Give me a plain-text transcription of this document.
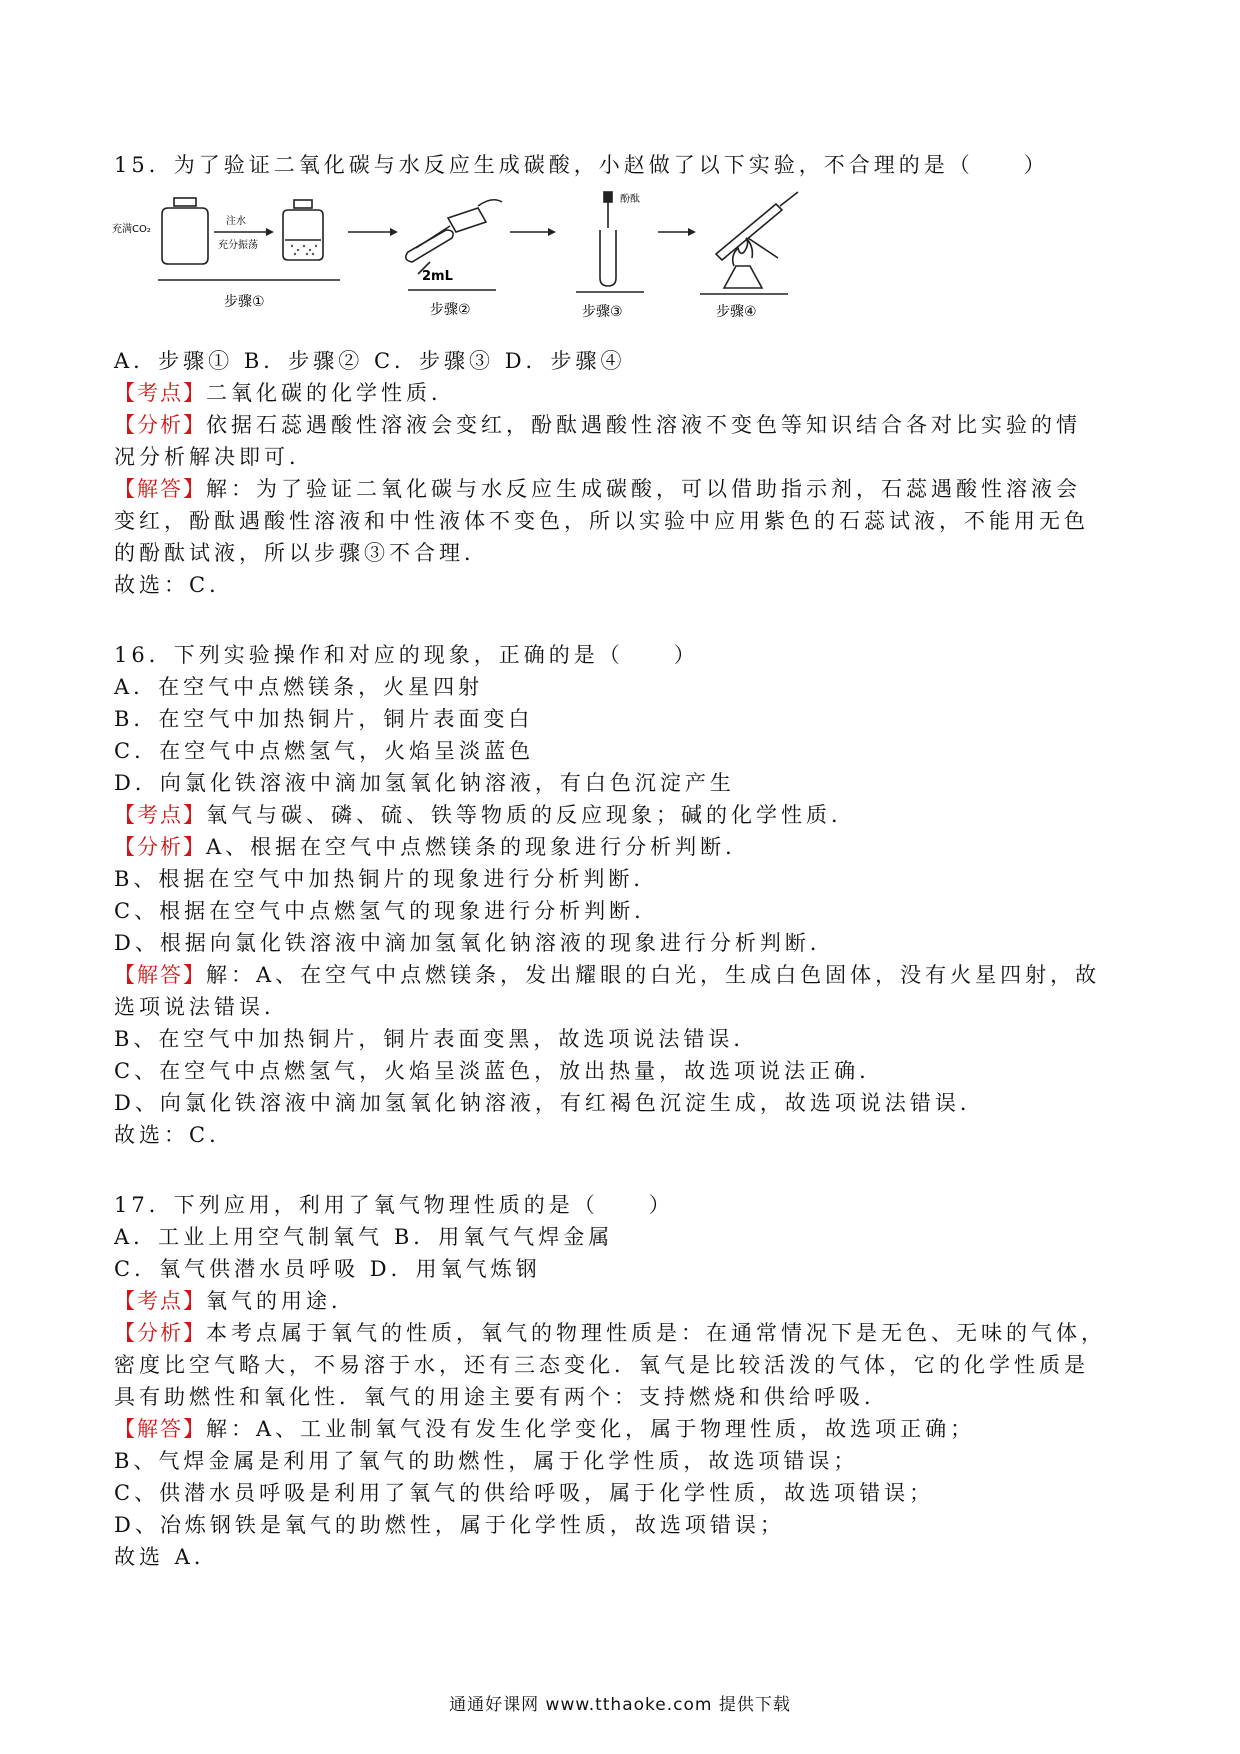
15．为了验证二氧化碳与水反应生成碳酸，小赵做了以下实验，不合理的是（　　）
充满CO₂
注水
充分振荡
步骤①
2mL
步骤②
酚酞
步骤③	步骤④
A．步骤① B．步骤② C．步骤③ D．步骤④
【考点】二氧化碳的化学性质．
【分析】依据石蕊遇酸性溶液会变红，酚酞遇酸性溶液不变色等知识结合各对比实验的情
况分析解决即可．
【解答】解：为了验证二氧化碳与水反应生成碳酸，可以借助指示剂，石蕊遇酸性溶液会
变红，酚酞遇酸性溶液和中性液体不变色，所以实验中应用紫色的石蕊试液，不能用无色
的酚酞试液，所以步骤③不合理．
故选：C．
16．下列实验操作和对应的现象，正确的是（　　）
A．在空气中点燃镁条，火星四射
B．在空气中加热铜片，铜片表面变白
C．在空气中点燃氢气，火焰呈淡蓝色
D．向氯化铁溶液中滴加氢氧化钠溶液，有白色沉淀产生
【考点】氧气与碳、磷、硫、铁等物质的反应现象；碱的化学性质．
【分析】A、根据在空气中点燃镁条的现象进行分析判断．
B、根据在空气中加热铜片的现象进行分析判断．
C、根据在空气中点燃氢气的现象进行分析判断．
D、根据向氯化铁溶液中滴加氢氧化钠溶液的现象进行分析判断．
【解答】解：A、在空气中点燃镁条，发出耀眼的白光，生成白色固体，没有火星四射，故
选项说法错误．
B、在空气中加热铜片，铜片表面变黑，故选项说法错误．
C、在空气中点燃氢气，火焰呈淡蓝色，放出热量，故选项说法正确．
D、向氯化铁溶液中滴加氢氧化钠溶液，有红褐色沉淀生成，故选项说法错误．
故选：C．
17．下列应用，利用了氧气物理性质的是（　　）
A．工业上用空气制氧气 B．用氧气气焊金属
C．氧气供潜水员呼吸 D．用氧气炼钢
【考点】氧气的用途．
【分析】本考点属于氧气的性质，氧气的物理性质是：在通常情况下是无色、无味的气体，
密度比空气略大，不易溶于水，还有三态变化．氧气是比较活泼的气体，它的化学性质是
具有助燃性和氧化性．氧气的用途主要有两个：支持燃烧和供给呼吸．
【解答】解：A、工业制氧气没有发生化学变化，属于物理性质，故选项正确；
B、气焊金属是利用了氧气的助燃性，属于化学性质，故选项错误；
C、供潜水员呼吸是利用了氧气的供给呼吸，属于化学性质，故选项错误；
D、冶炼钢铁是氧气的助燃性，属于化学性质，故选项错误；
故选 A．
通通好课网 www.tthaoke.com 提供下载
